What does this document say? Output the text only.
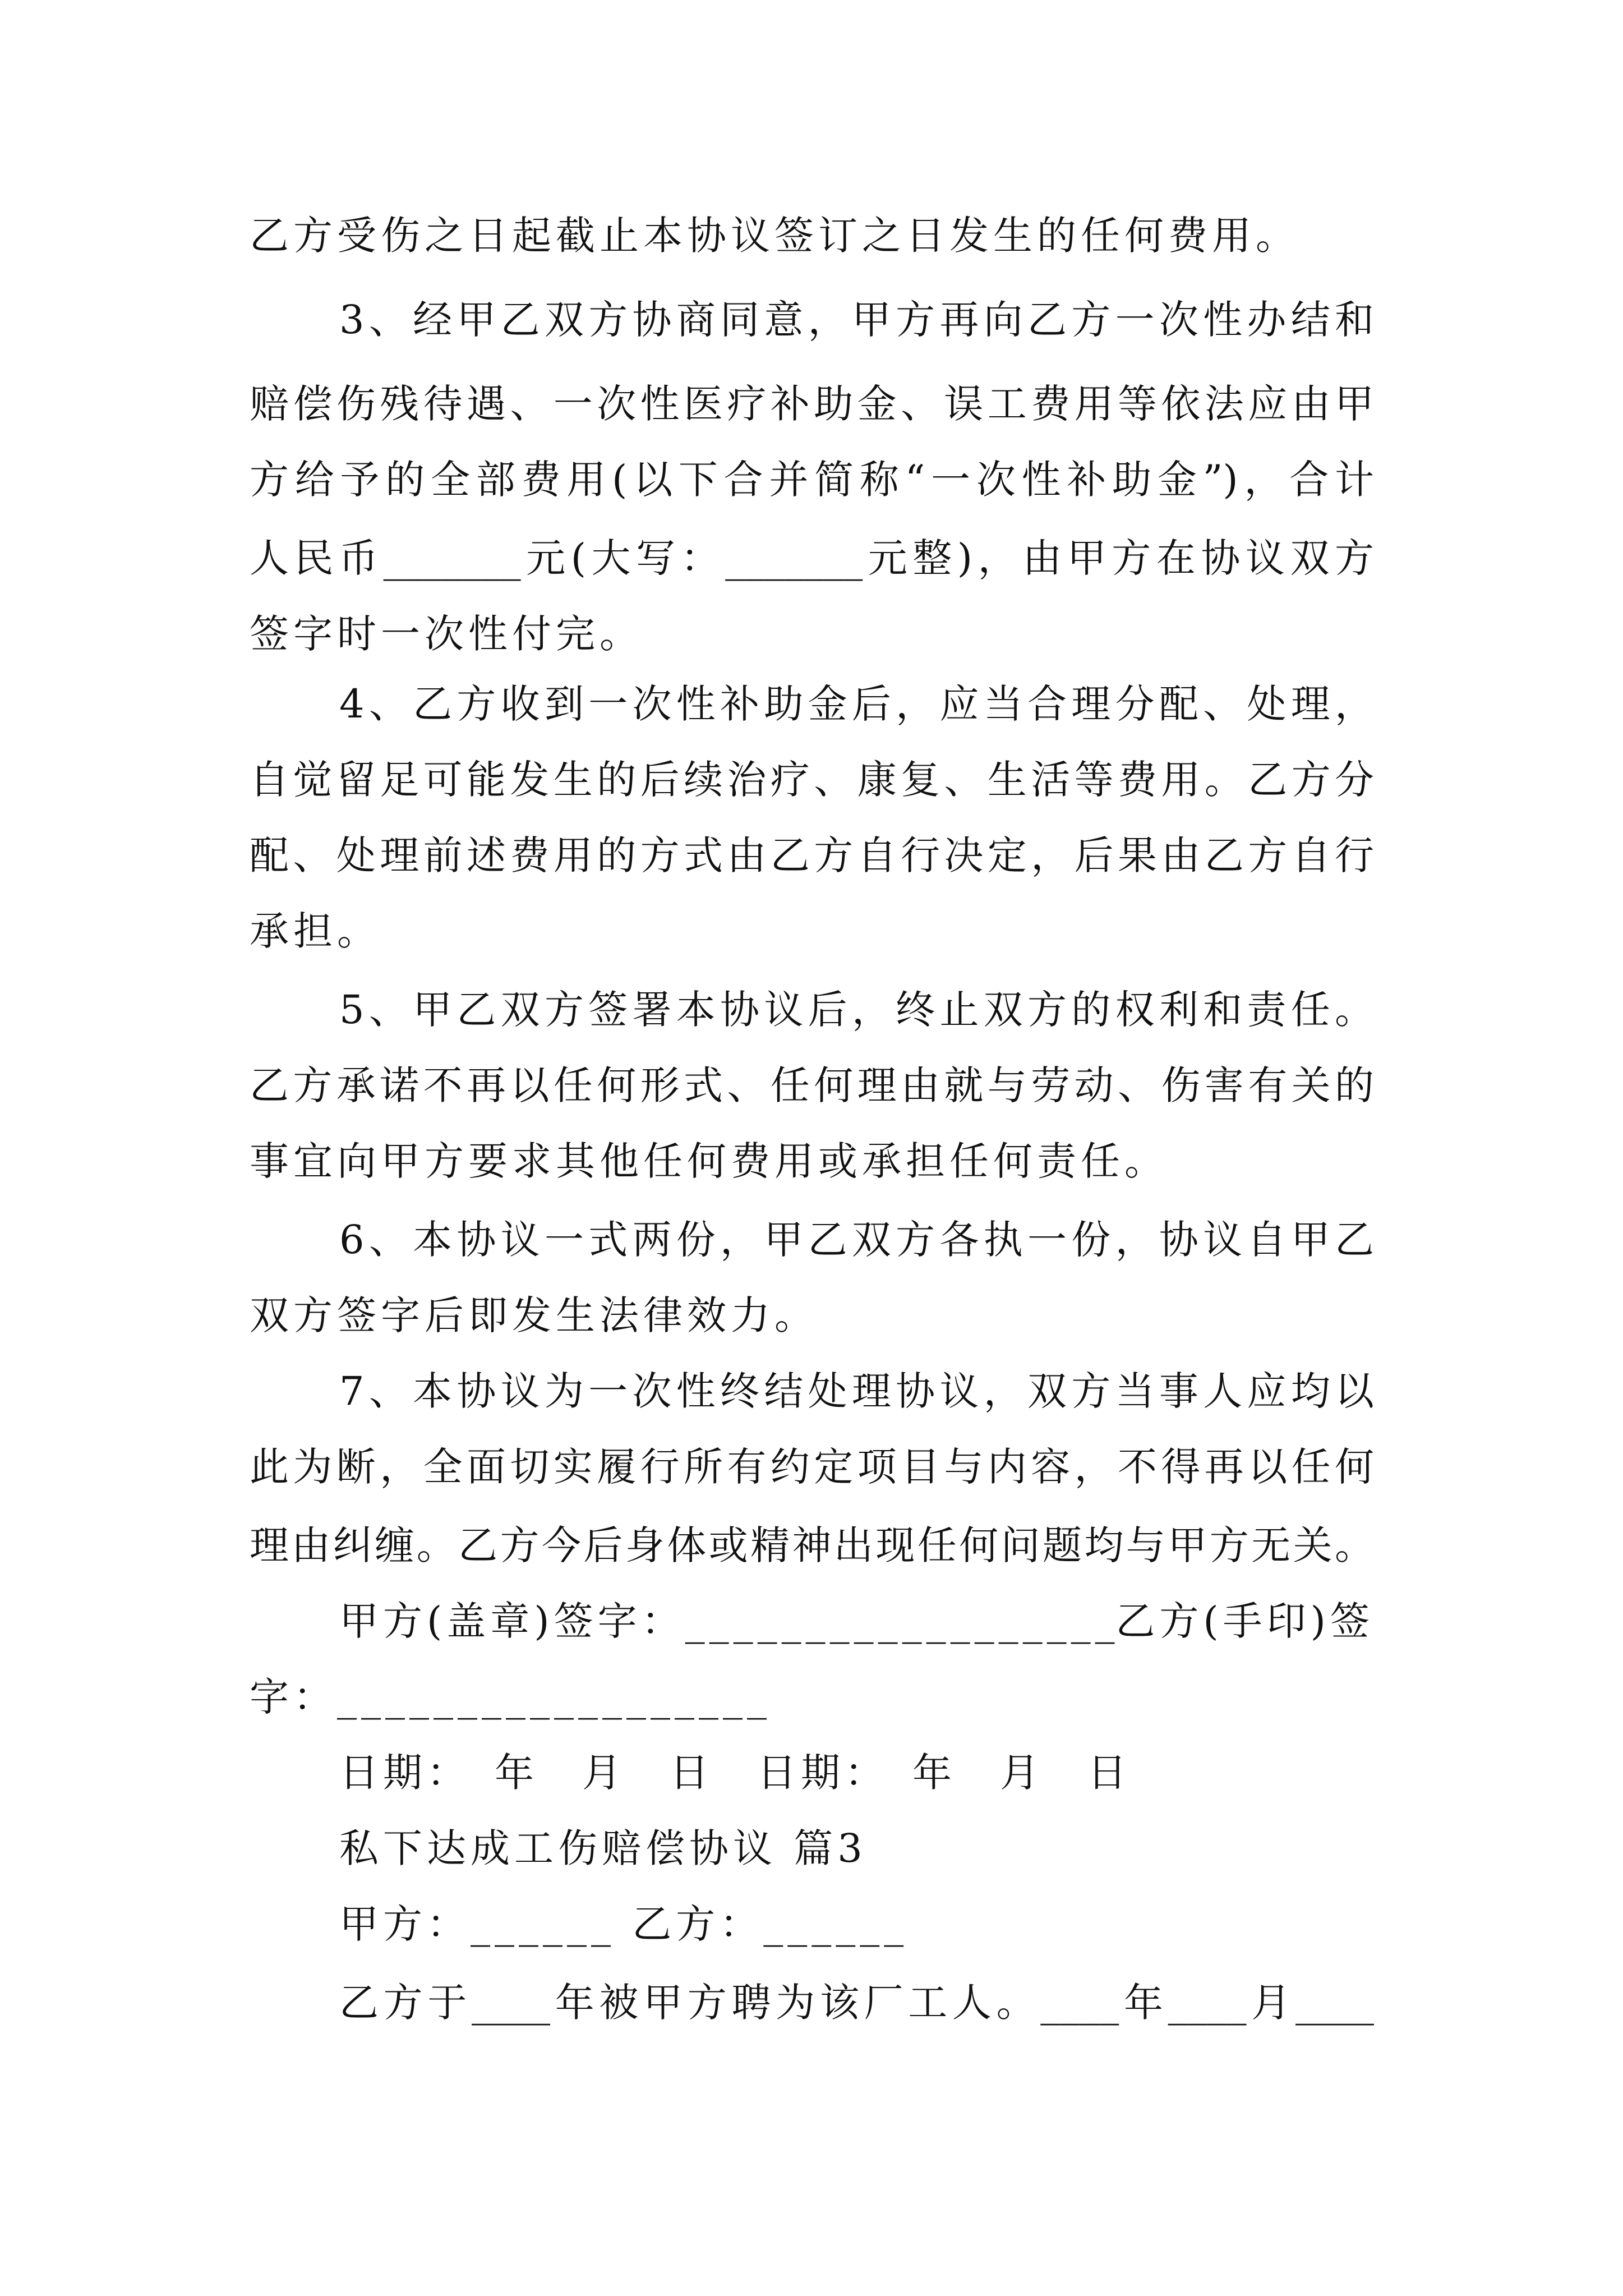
乙方受伤之日起截止本协议签订之日发生的任何费用。
3、经甲乙双方协商同意，甲方再向乙方一次性办结和
赔偿伤残待遇、一次性医疗补助金、误工费用等依法应由甲
方给予的全部费用(以下合并简称“一次性补助金”)，合计
人民币_______元(大写：_______元整)，由甲方在协议双方
签字时一次性付完。
4、乙方收到一次性补助金后，应当合理分配、处理，
自觉留足可能发生的后续治疗、康复、生活等费用。乙方分
配、处理前述费用的方式由乙方自行决定，后果由乙方自行
承担。
5、甲乙双方签署本协议后，终止双方的权利和责任。
乙方承诺不再以任何形式、任何理由就与劳动、伤害有关的
事宜向甲方要求其他任何费用或承担任何责任。
6、本协议一式两份，甲乙双方各执一份，协议自甲乙
双方签字后即发生法律效力。
7、本协议为一次性终结处理协议，双方当事人应均以
此为断，全面切实履行所有约定项目与内容，不得再以任何
理由纠缠。乙方今后身体或精神出现任何问题均与甲方无关。
甲方(盖章)签字：__________________
乙方(手印)签
字：__________________
日期：　年　月　日　日期：　年　月　日
私下达成工伤赔偿协议 篇3
甲方：______ 乙方：______
乙方于____年被甲方聘为该厂工人。____年____月____
